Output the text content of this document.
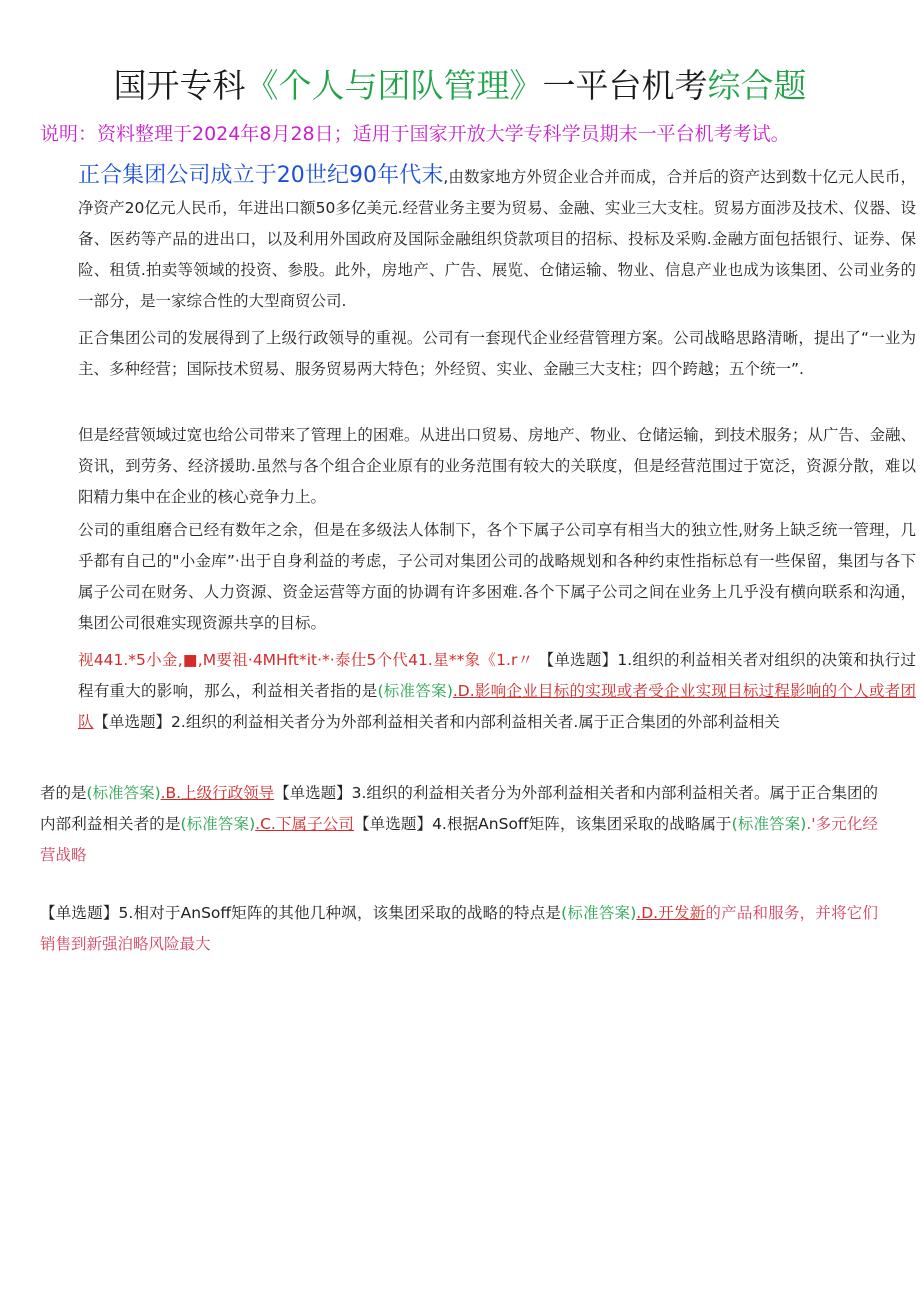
国开专科《个人与团队管理》一平台机考综合题
说明：资料整理于2024年8月28日；适用于国家开放大学专科学员期末一平台机考考试。
正合集团公司成立于20世纪90年代末,由数家地方外贸企业合并而成，合并后的资产达到数十亿元人民币，净资产20亿元人民币，年进出口额50多亿美元.经营业务主要为贸易、金融、实业三大支柱。贸易方面涉及技术、仪器、设备、医药等产品的进出口，以及利用外国政府及国际金融组织贷款项目的招标、投标及采购.金融方面包括银行、证券、保险、租赁.拍卖等领域的投资、参股。此外，房地产、广告、展览、仓储运输、物业、信息产业也成为该集团、公司业务的一部分，是一家综合性的大型商贸公司.
正合集团公司的发展得到了上级行政领导的重视。公司有一套现代企业经营管理方案。公司战略思路清晰，提出了“一业为主、多种经营；国际技术贸易、服务贸易两大特色；外经贸、实业、金融三大支柱；四个跨越；五个统一”.
但是经营领域过宽也给公司带来了管理上的困难。从进出口贸易、房地产、物业、仓储运输，到技术服务；从广告、金融、资讯，到劳务、经济援助.虽然与各个组合企业原有的业务范围有较大的关联度，但是经营范围过于宽泛，资源分散，难以阳精力集中在企业的核心竞争力上。
公司的重组磨合已经有数年之余，但是在多级法人体制下，各个下属子公司享有相当大的独立性,财务上缺乏统一管理，几乎都有自己的"小金库”·出于自身利益的考虑，子公司对集团公司的战略规划和各种约束性指标总有一些保留，集团与各下属子公司在财务、人力资源、资金运营等方面的协调有许多困难.各个下属子公司之间在业务上几乎没有横向联系和沟通，集团公司很难实现资源共享的目标。
视441.*5小金,■,M要祖·4MHft*it·*·泰仕5个代41.星**象《1.r〃 【单选题】1.组织的利益相关者对组织的决策和执行过程有重大的影响，那么，利益相关者指的是(标准答案).D.影响企业目标的实现或者受企业实现目标过程影响的个人或者团队【单选题】2.组织的利益相关者分为外部利益相关者和内部利益相关者.属于正合集团的外部利益相关
者的是(标准答案).B.上级行政领导【单选题】3.组织的利益相关者分为外部利益相关者和内部利益相关者。属于正合集团的内部利益相关者的是(标准答案).C.下属子公司【单选题】4.根据AnSoff矩阵，该集团采取的战略属于(标准答案).'多元化经营战略
【单选题】5.相对于AnSoff矩阵的其他几种飒，该集团采取的战略的特点是(标准答案).D.开发新的产品和服务，并将它们销售到新强泊略风险最大
